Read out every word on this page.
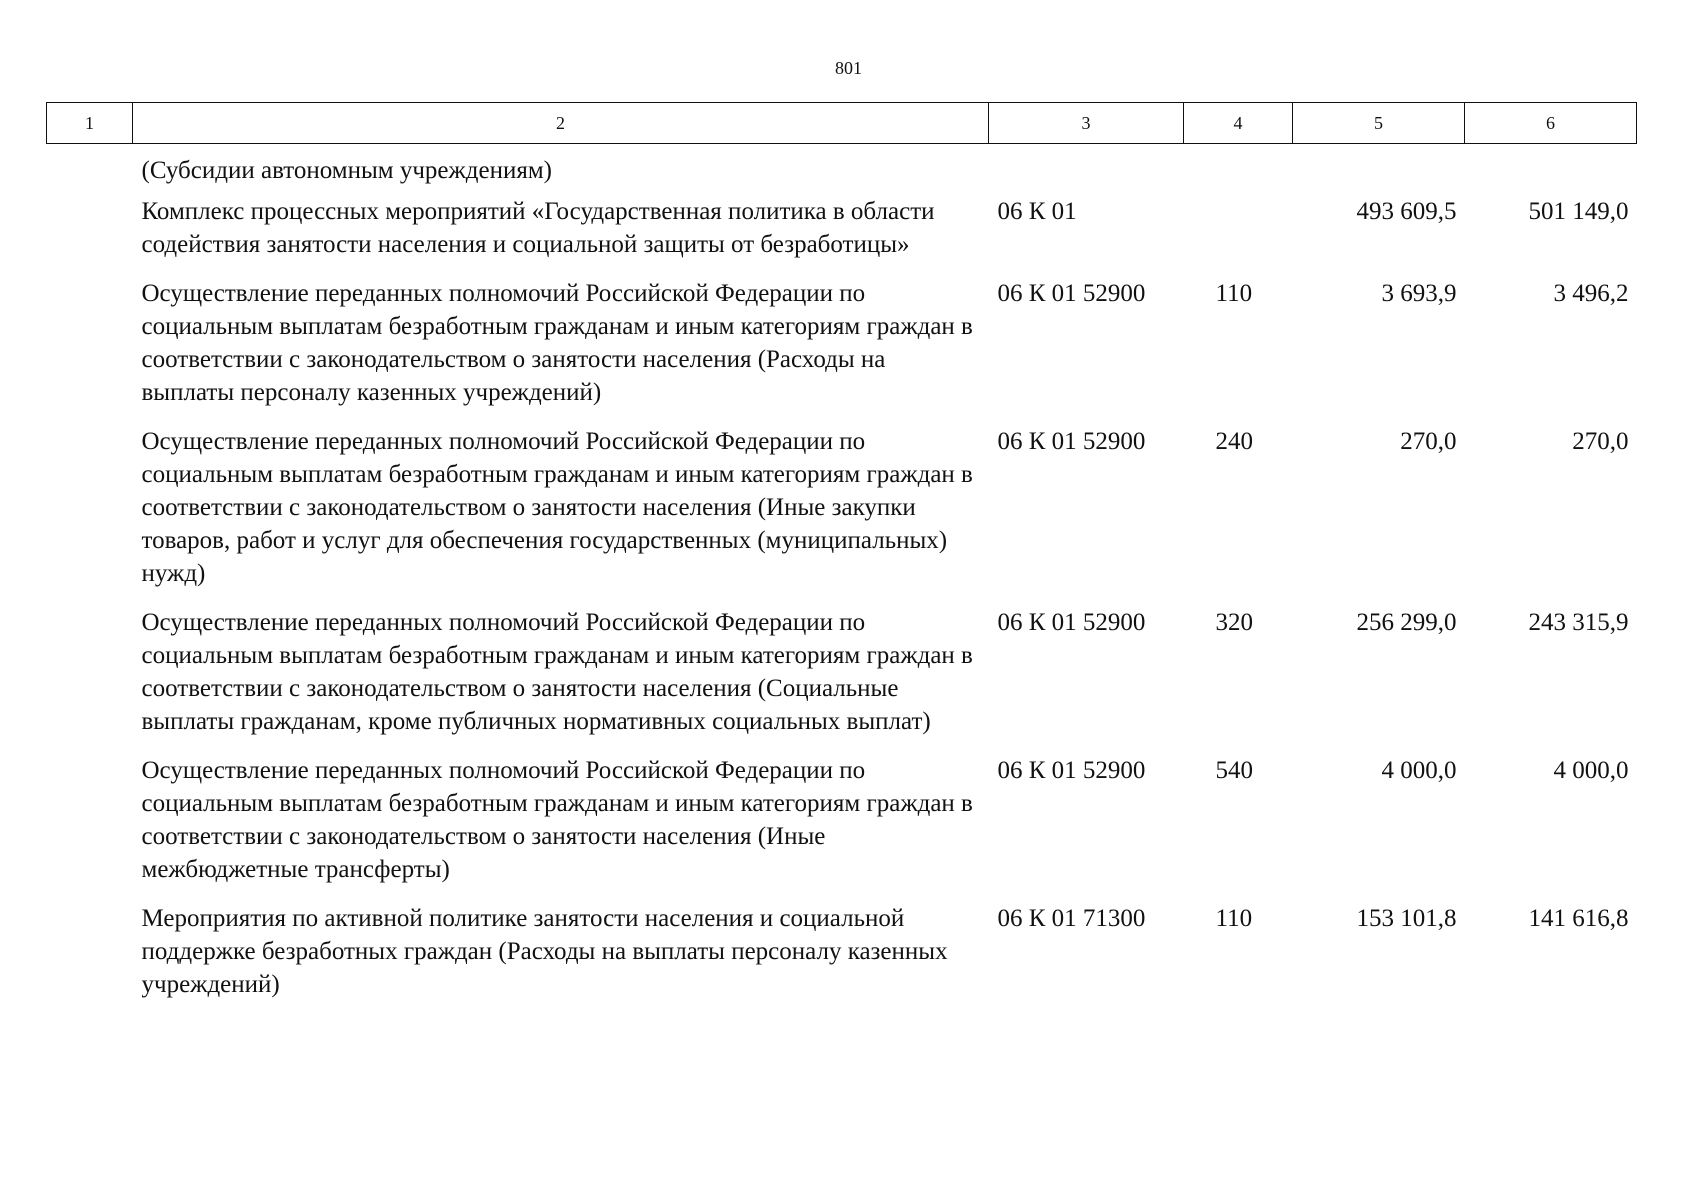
801
1	2	3	4	5	6
	(Субсидии автономным учреждениям)				
	Комплекс процессных мероприятий «Государственная политика в области содействия занятости населения и социальной защиты от безработицы»	06 К 01		493 609,5	501 149,0
	Осуществление переданных полномочий Российской Федерации по социальным выплатам безработным гражданам и иным категориям граждан в соответствии с законодательством о занятости населения (Расходы на выплаты персоналу казенных учреждений)	06 К 01 52900	110	3 693,9	3 496,2
	Осуществление переданных полномочий Российской Федерации по социальным выплатам безработным гражданам и иным категориям граждан в соответствии с законодательством о занятости населения (Иные закупки товаров, работ и услуг для обеспечения государственных (муниципальных) нужд)	06 К 01 52900	240	270,0	270,0
	Осуществление переданных полномочий Российской Федерации по социальным выплатам безработным гражданам и иным категориям граждан в соответствии с законодательством о занятости населения (Социальные выплаты гражданам, кроме публичных нормативных социальных выплат)	06 К 01 52900	320	256 299,0	243 315,9
	Осуществление переданных полномочий Российской Федерации по социальным выплатам безработным гражданам и иным категориям граждан в соответствии с законодательством о занятости населения (Иные межбюджетные трансферты)	06 К 01 52900	540	4 000,0	4 000,0
	Мероприятия по активной политике занятости населения и социальной поддержке безработных граждан (Расходы на выплаты персоналу казенных учреждений)	06 К 01 71300	110	153 101,8	141 616,8
